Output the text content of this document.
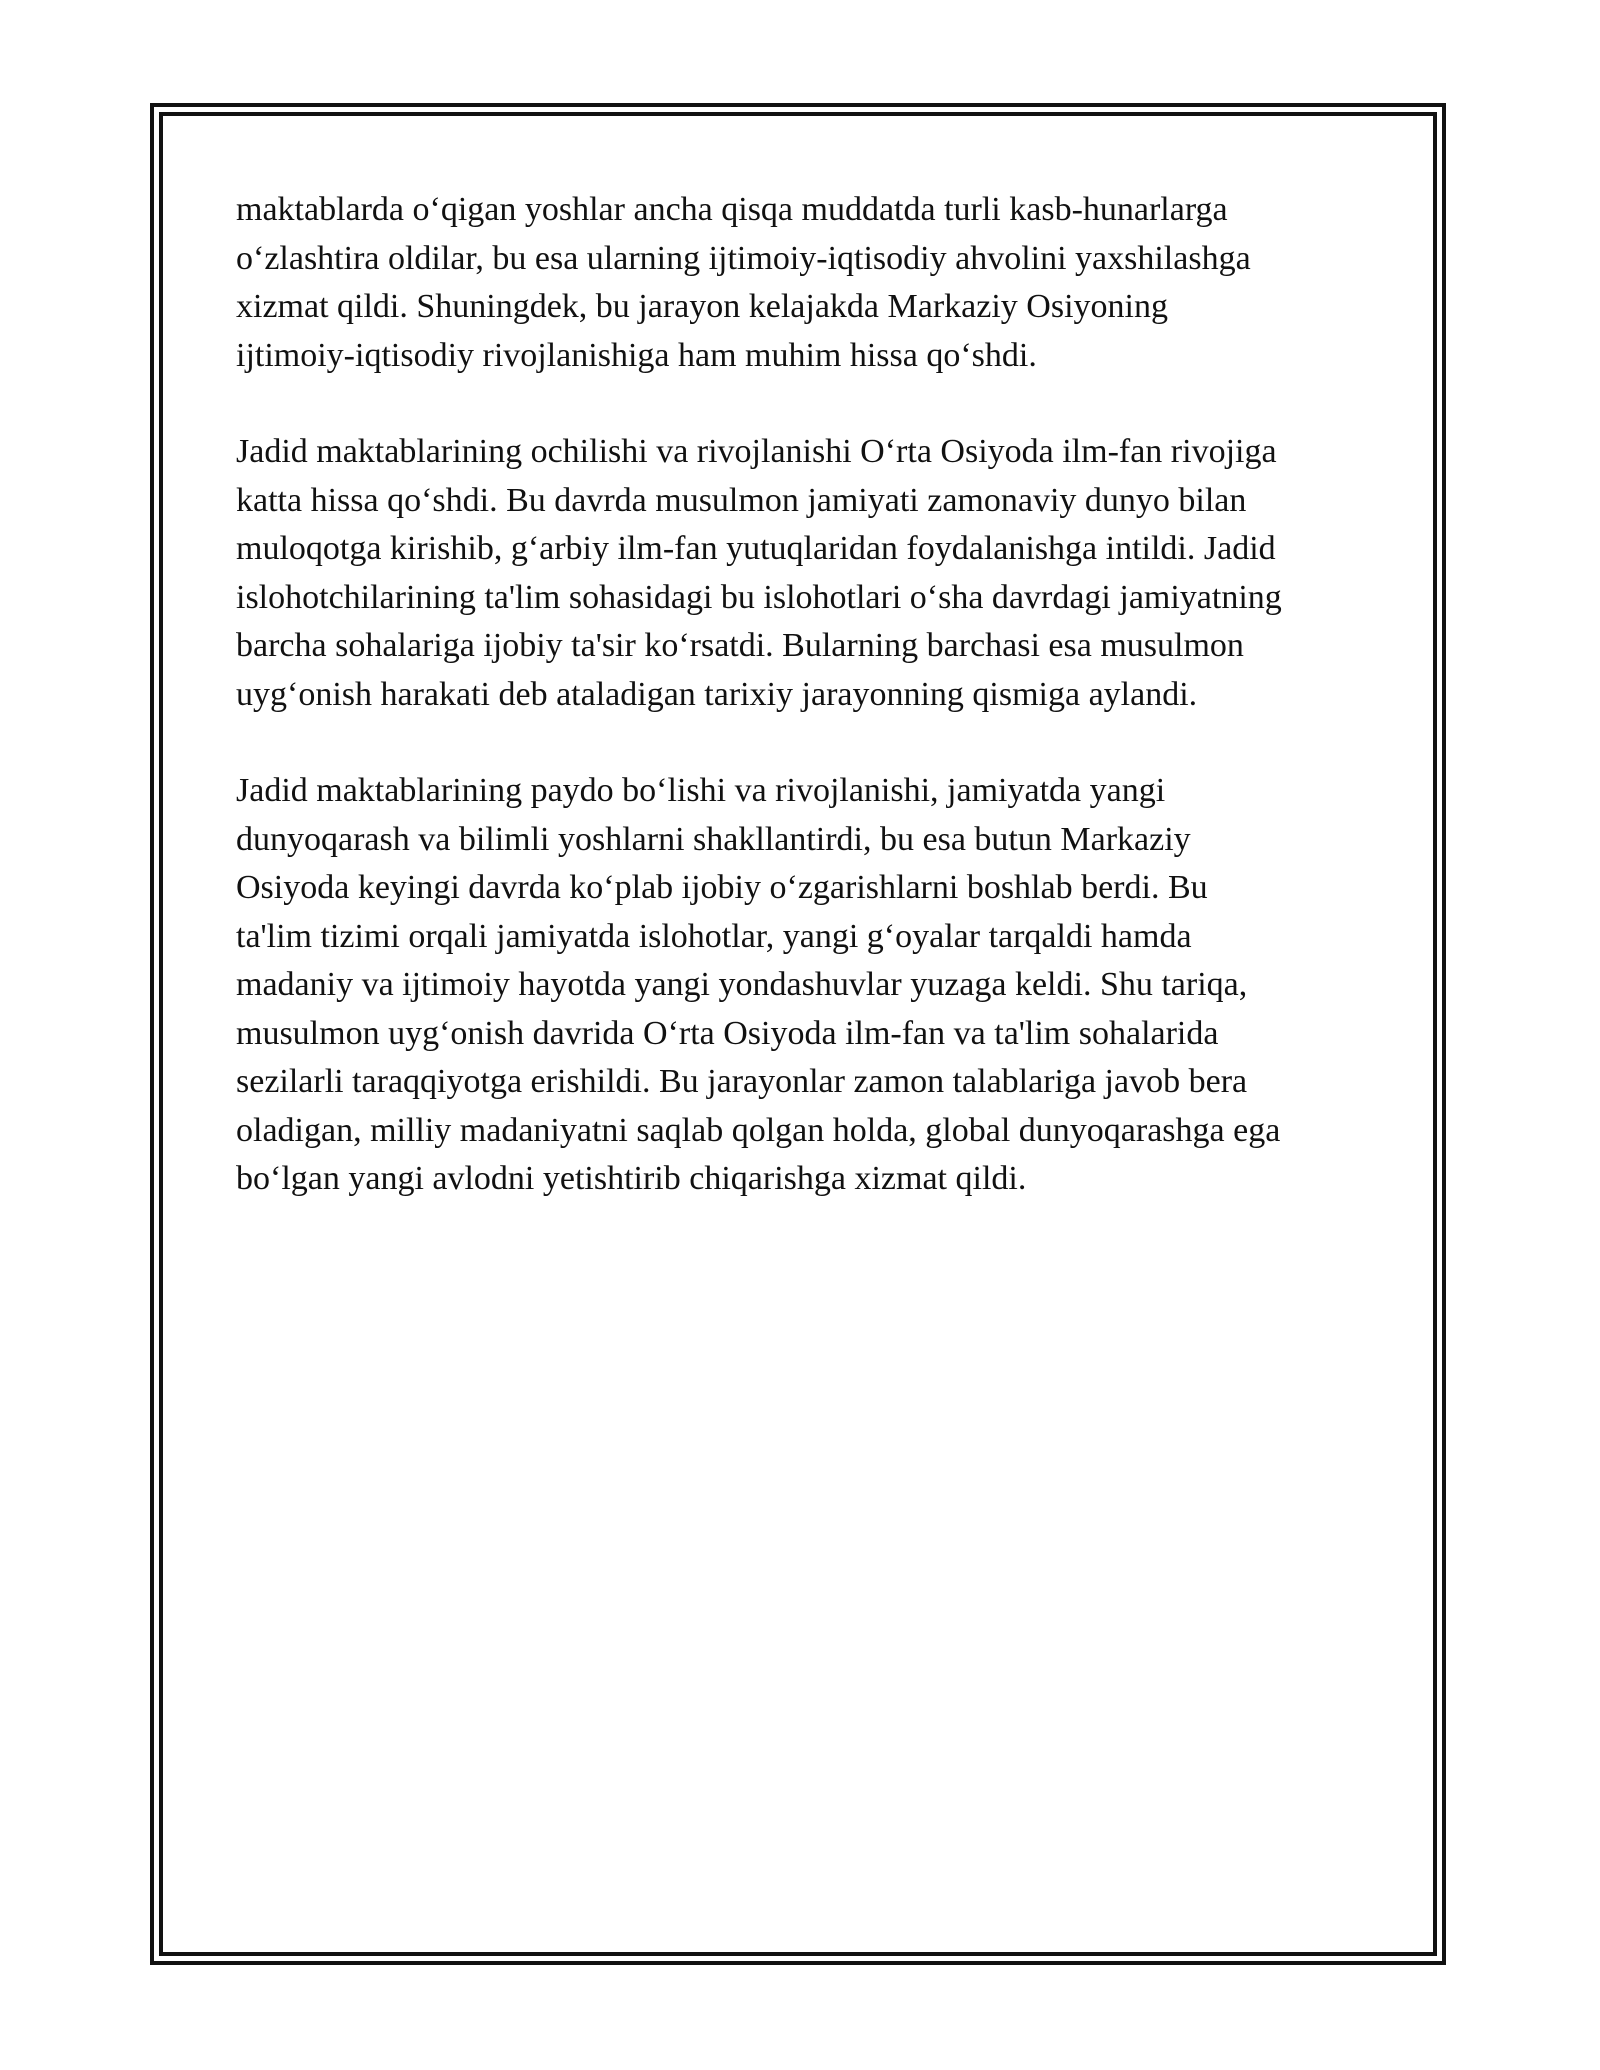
maktablarda o‘qigan yoshlar ancha qisqa muddatda turli kasb-hunarlarga
o‘zlashtira oldilar, bu esa ularning ijtimoiy-iqtisodiy ahvolini yaxshilashga
xizmat qildi. Shuningdek, bu jarayon kelajakda Markaziy Osiyoning
ijtimoiy-iqtisodiy rivojlanishiga ham muhim hissa qo‘shdi.

Jadid maktablarining ochilishi va rivojlanishi O‘rta Osiyoda ilm-fan rivojiga
katta hissa qo‘shdi. Bu davrda musulmon jamiyati zamonaviy dunyo bilan
muloqotga kirishib, g‘arbiy ilm-fan yutuqlaridan foydalanishga intildi. Jadid
islohotchilarining ta'lim sohasidagi bu islohotlari o‘sha davrdagi jamiyatning
barcha sohalariga ijobiy ta'sir ko‘rsatdi. Bularning barchasi esa musulmon
uyg‘onish harakati deb ataladigan tarixiy jarayonning qismiga aylandi.

Jadid maktablarining paydo bo‘lishi va rivojlanishi, jamiyatda yangi
dunyoqarash va bilimli yoshlarni shakllantirdi, bu esa butun Markaziy
Osiyoda keyingi davrda ko‘plab ijobiy o‘zgarishlarni boshlab berdi. Bu
ta'lim tizimi orqali jamiyatda islohotlar, yangi g‘oyalar tarqaldi hamda
madaniy va ijtimoiy hayotda yangi yondashuvlar yuzaga keldi. Shu tariqa,
musulmon uyg‘onish davrida O‘rta Osiyoda ilm-fan va ta'lim sohalarida
sezilarli taraqqiyotga erishildi. Bu jarayonlar zamon talablariga javob bera
oladigan, milliy madaniyatni saqlab qolgan holda, global dunyoqarashga ega
bo‘lgan yangi avlodni yetishtirib chiqarishga xizmat qildi.
